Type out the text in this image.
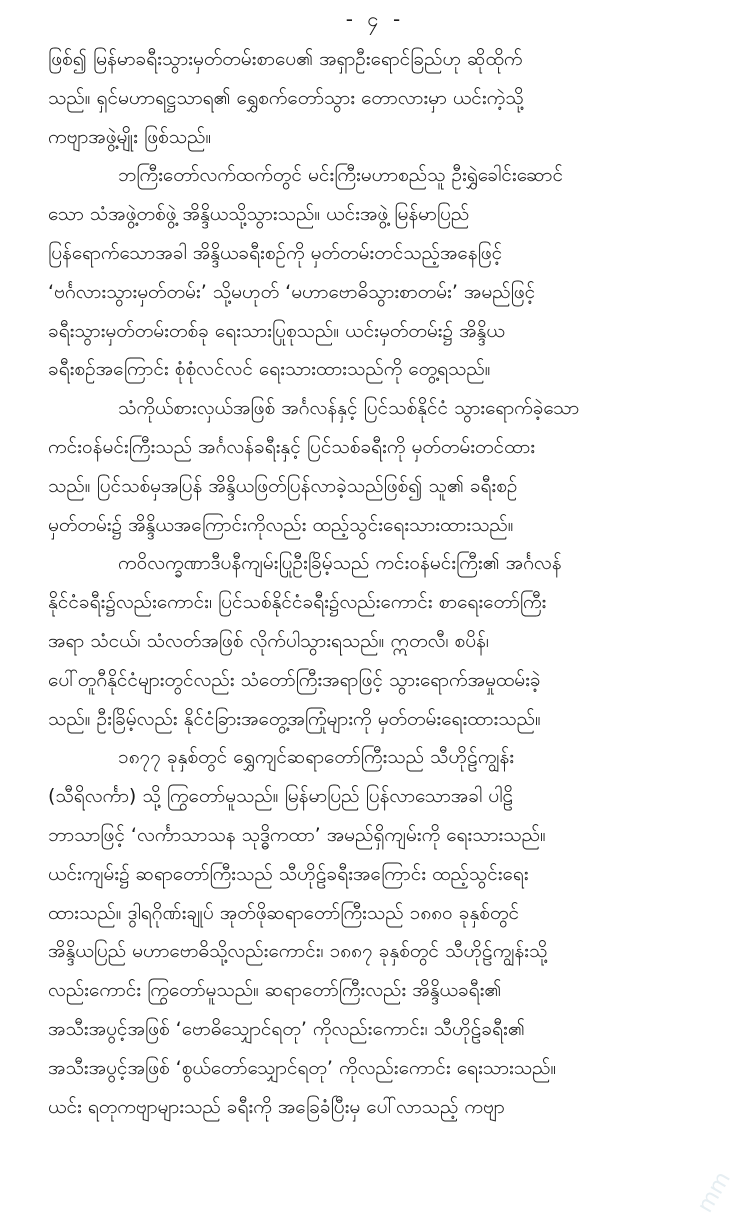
- ၄ -
ဖြစ်၍ မြန်မာခရီးသွားမှတ်တမ်းစာပေ၏ အရှာဦးရောင်ခြည်ဟု ဆိုထိုက်
သည်။ ရှင်မဟာရဋ္ဌသာရ၏ ရွှေစက်တော်သွား တောလားမှာ ယင်းကဲ့သို့
ကဗျာအဖွဲ့မျိုး ဖြစ်သည်။
ဘကြီးတော်လက်ထက်တွင် မင်းကြီးမဟာစည်သူ ဦးရွှဲခေါင်းဆောင်
သော သံအဖွဲ့တစ်ဖွဲ့ အိန္ဒိယသို့သွားသည်။ ယင်းအဖွဲ့ မြန်မာပြည်
ပြန်ရောက်သောအခါ အိန္ဒိယခရီးစဉ်ကို မှတ်တမ်းတင်သည့်အနေဖြင့်
‘ဗင်္ဂလားသွားမှတ်တမ်း’ သို့မဟုတ် ‘မဟာဗောဓိသွားစာတမ်း’ အမည်ဖြင့်
ခရီးသွားမှတ်တမ်းတစ်ခု ရေးသားပြုစုသည်။ ယင်းမှတ်တမ်း၌ အိန္ဒိယ
ခရီးစဉ်အကြောင်း စုံစုံလင်လင် ရေးသားထားသည်ကို တွေ့ရသည်။
သံကိုယ်စားလှယ်အဖြစ် အင်္ဂလန်နှင့် ပြင်သစ်နိုင်ငံ သွားရောက်ခဲ့သော
ကင်းဝန်မင်းကြီးသည် အင်္ဂလန်ခရီးနှင့် ပြင်သစ်ခရီးကို မှတ်တမ်းတင်ထား
သည်။ ပြင်သစ်မှအပြန် အိန္ဒိယဖြတ်ပြန်လာခဲ့သည်ဖြစ်၍ သူ၏ ခရီးစဉ်
မှတ်တမ်း၌ အိန္ဒိယအကြောင်းကိုလည်း ထည့်သွင်းရေးသားထားသည်။
ကဝိလက္ခဏာဒီပနီကျမ်းပြုဦးခြိမ့်သည် ကင်းဝန်မင်းကြီး၏ အင်္ဂလန်
နိုင်ငံခရီး၌လည်းကောင်း၊ ပြင်သစ်နိုင်ငံခရီး၌လည်းကောင်း စာရေးတော်ကြီး
အရာ သံငယ်၊ သံလတ်အဖြစ် လိုက်ပါသွားရသည်။ ဣတလီ၊ စပိန်၊
ပေါ်တူဂီနိုင်ငံများတွင်လည်း သံတော်ကြီးအရာဖြင့် သွားရောက်အမှုထမ်းခဲ့
သည်။ ဦးခြိမ့်လည်း နိုင်ငံခြားအတွေ့အကြုံများကို မှတ်တမ်းရေးထားသည်။
၁၈၇၇ ခုနှစ်တွင် ရွှေကျင်ဆရာတော်ကြီးသည် သီဟိုဠ်ကျွန်း
(သီရိလင်္ကာ) သို့ ကြွတော်မူသည်။ မြန်မာပြည် ပြန်လာသောအခါ ပါဠိ
ဘာသာဖြင့် ‘လင်္ကာသာသန သုဒ္ဓိကထာ’ အမည်ရှိကျမ်းကို ရေးသားသည်။
ယင်းကျမ်း၌ ဆရာတော်ကြီးသည် သီဟိုဠ်ခရီးအကြောင်း ထည့်သွင်းရေး
ထားသည်။ ဒွါရဂိုဏ်းချုပ် အုတ်ဖိုဆရာတော်ကြီးသည် ၁၈၈၀ ခုနှစ်တွင်
အိန္ဒိယပြည် မဟာဗောဓိသို့လည်းကောင်း၊ ၁၈၈၇ ခုနှစ်တွင် သီဟိုဠ်ကျွန်းသို့
လည်းကောင်း ကြွတော်မူသည်။ ဆရာတော်ကြီးလည်း အိန္ဒိယခရီး၏
အသီးအပွင့်အဖြစ် ‘ဗောဓိသျှောင်ရတု’ ကိုလည်းကောင်း၊ သီဟိုဠ်ခရီး၏
အသီးအပွင့်အဖြစ် ‘စွယ်တော်သျှောင်ရတု’ ကိုလည်းကောင်း ရေးသားသည်။
ယင်း ရတုကဗျာများသည် ခရီးကို အခြေခံပြီးမှ ပေါ်လာသည့် ကဗျာ
mm
